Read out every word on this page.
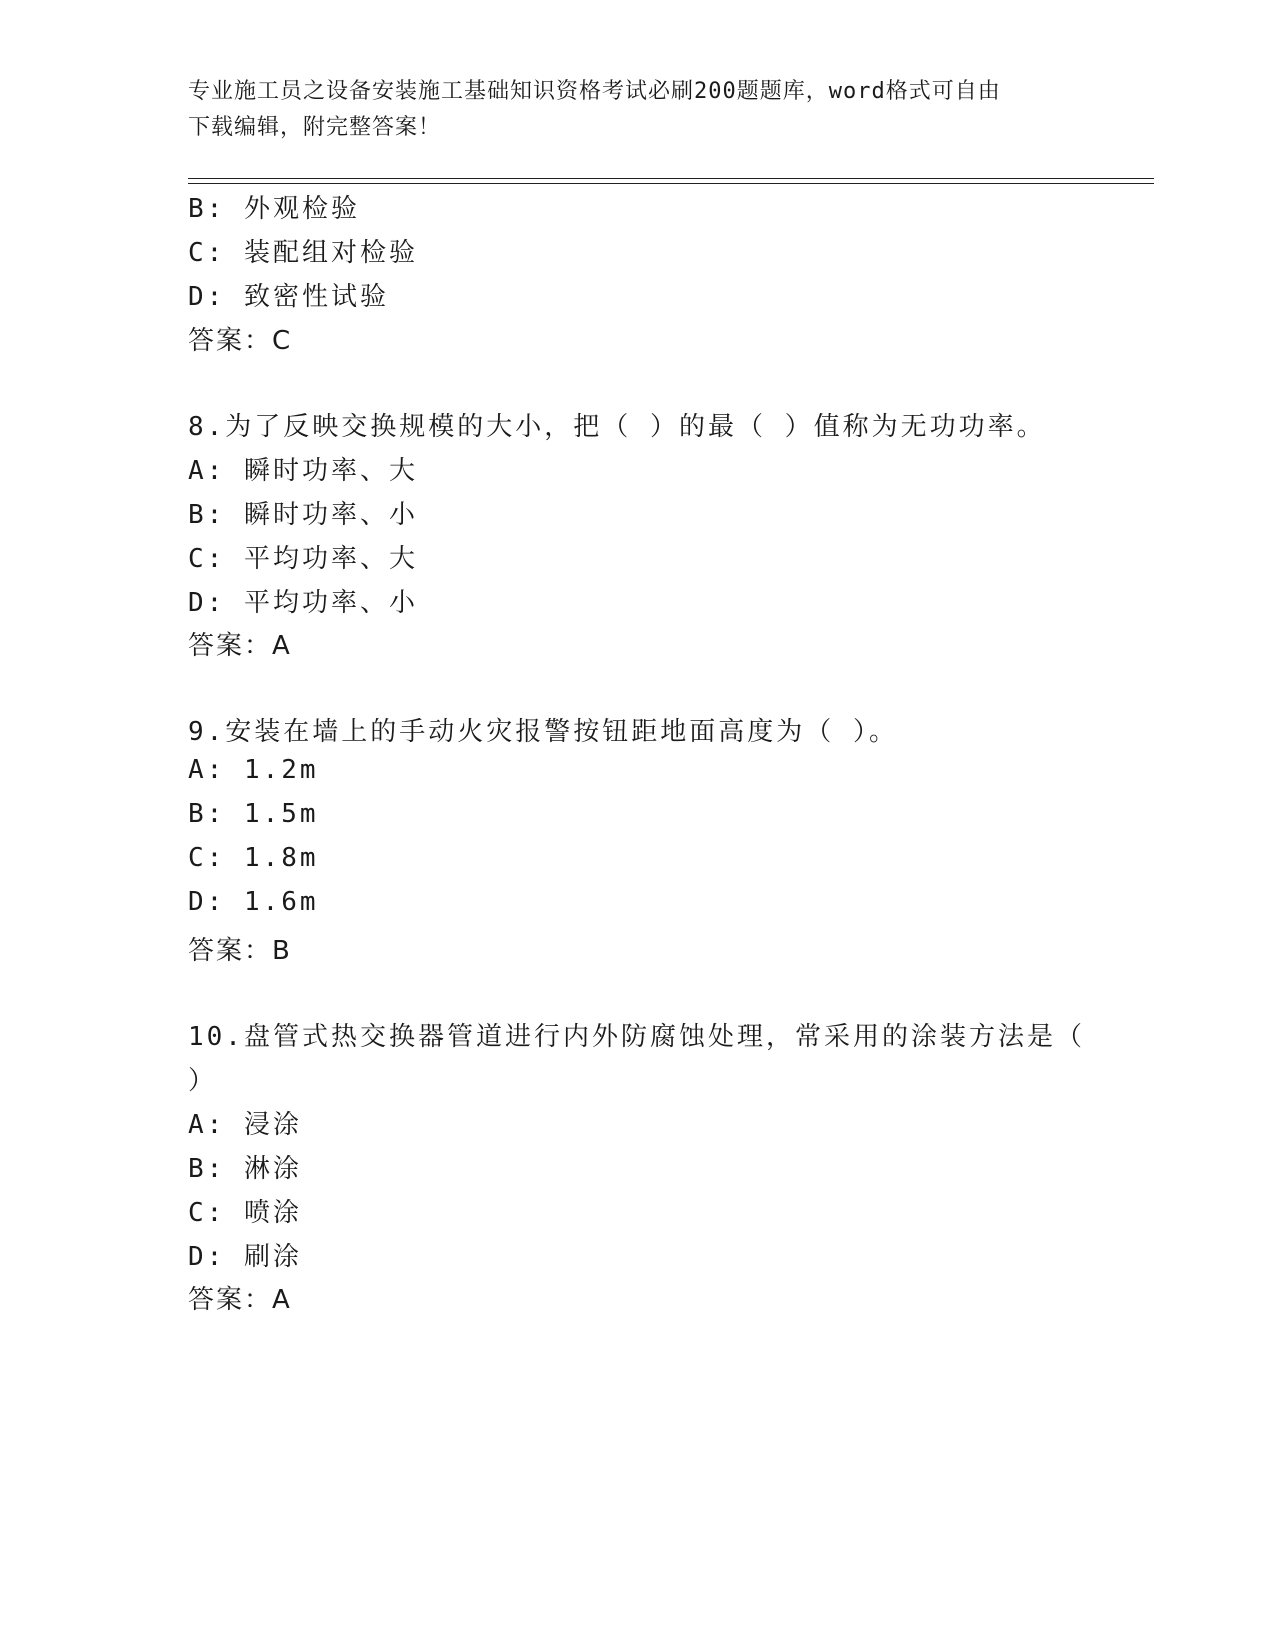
专业施工员之设备安装施工基础知识资格考试必刷200题题库，word格式可自由
下载编辑，附完整答案！
B: 外观检验
C: 装配组对检验
D: 致密性试验
答案：C
8.为了反映交换规模的大小，把（ ）的最（ ）值称为无功功率。
A: 瞬时功率、大
B: 瞬时功率、小
C: 平均功率、大
D: 平均功率、小
答案：A
9.安装在墙上的手动火灾报警按钮距地面高度为（ ）。
A: 1.2m
B: 1.5m
C: 1.8m
D: 1.6m
答案：B
10.盘管式热交换器管道进行内外防腐蚀处理，常采用的涂装方法是（
）
A: 浸涂
B: 淋涂
C: 喷涂
D: 刷涂
答案：A
